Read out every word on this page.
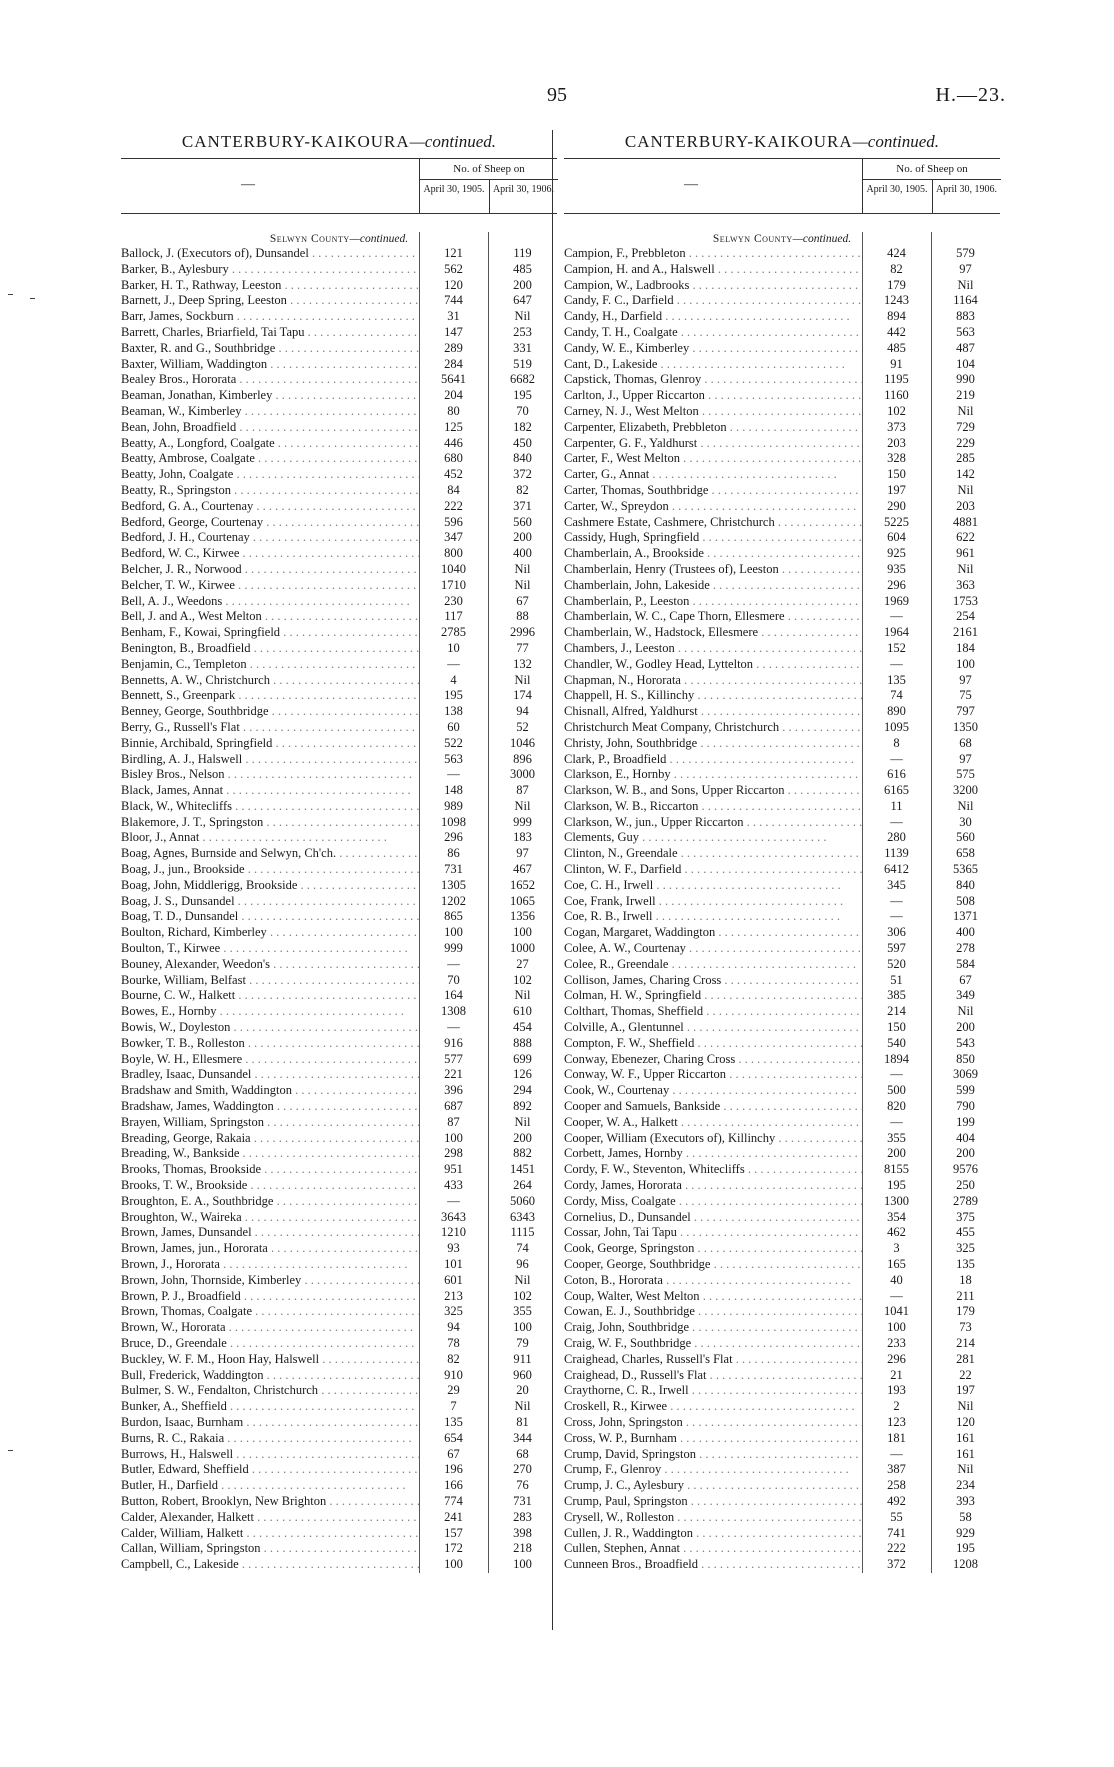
95	H.—23.
CANTERBURY-KAIKOURA—continued.
—
No. of Sheep on
April 30, 1905. April 30, 1906.
Selwyn County—continued.
Ballock, J. (Executors of), Dunsandel . . .	121	119
Barker, B., Aylesbury . . .	562	485
Barker, H. T., Rathway, Leeston . . .	120	200
Barnett, J., Deep Spring, Leeston . . .	744	647
Barr, James, Sockburn . . .	31	Nil
Barrett, Charles, Briarfield, Tai Tapu . . .	147	253
Baxter, R. and G., Southbridge . . .	289	331
Baxter, William, Waddington . . .	284	519
Bealey Bros., Hororata . . .	5641	6682
Beaman, Jonathan, Kimberley . . .	204	195
Beaman, W., Kimberley . . .	80	70
Bean, John, Broadfield . . .	125	182
Beatty, A., Longford, Coalgate . . .	446	450
Beatty, Ambrose, Coalgate . . .	680	840
Beatty, John, Coalgate . . .	452	372
Beatty, R., Springston . . .	84	82
Bedford, G. A., Courtenay . . .	222	371
Bedford, George, Courtenay . . .	596	560
Bedford, J. H., Courtenay . . .	347	200
Bedford, W. C., Kirwee . . .	800	400
Belcher, J. R., Norwood . . .	1040	Nil
Belcher, T. W., Kirwee . . .	1710	Nil
Bell, A. J., Weedons . . .	230	67
Bell, J. and A., West Melton . . .	117	88
Benham, F., Kowai, Springfield . . .	2785	2996
Benington, B., Broadfield . . .	10	77
Benjamin, C., Templeton . . .	—	132
Bennetts, A. W., Christchurch . . .	4	Nil
Bennett, S., Greenpark . . .	195	174
Benney, George, Southbridge . . .	138	94
Berry, G., Russell's Flat . . .	60	52
Binnie, Archibald, Springfield . . .	522	1046
Birdling, A. J., Halswell . . .	563	896
Bisley Bros., Nelson . . .	—	3000
Black, James, Annat . . .	148	87
Black, W., Whitecliffs . . .	989	Nil
Blakemore, J. T., Springston . . .	1098	999
Bloor, J., Annat . . .	296	183
Boag, Agnes, Burnside and Selwyn, Ch'ch. . . .	86	97
Boag, J., jun., Brookside . . .	731	467
Boag, John, Middlerigg, Brookside . . .	1305	1652
Boag, J. S., Dunsandel . . .	1202	1065
Boag, T. D., Dunsandel . . .	865	1356
Boulton, Richard, Kimberley . . .	100	100
Boulton, T., Kirwee . . .	999	1000
Bouney, Alexander, Weedon's . . .	—	27
Bourke, William, Belfast . . .	70	102
Bourne, C. W., Halkett . . .	164	Nil
Bowes, E., Hornby . . .	1308	610
Bowis, W., Doyleston . . .	—	454
Bowker, T. B., Rolleston . . .	916	888
Boyle, W. H., Ellesmere . . .	577	699
Bradley, Isaac, Dunsandel . . .	221	126
Bradshaw and Smith, Waddington . . .	396	294
Bradshaw, James, Waddington . . .	687	892
Brayen, William, Springston . . .	87	Nil
Breading, George, Rakaia . . .	100	200
Breading, W., Bankside . . .	298	882
Brooks, Thomas, Brookside . . .	951	1451
Brooks, T. W., Brookside . . .	433	264
Broughton, E. A., Southbridge . . .	—	5060
Broughton, W., Waireka . . .	3643	6343
Brown, James, Dunsandel . . .	1210	1115
Brown, James, jun., Hororata . . .	93	74
Brown, J., Hororata . . .	101	96
Brown, John, Thornside, Kimberley . . .	601	Nil
Brown, P. J., Broadfield . . .	213	102
Brown, Thomas, Coalgate . . .	325	355
Brown, W., Hororata . . .	94	100
Bruce, D., Greendale . . .	78	79
Buckley, W. F. M., Hoon Hay, Halswell . . .	82	911
Bull, Frederick, Waddington . . .	910	960
Bulmer, S. W., Fendalton, Christchurch . . .	29	20
Bunker, A., Sheffield . . .	7	Nil
Burdon, Isaac, Burnham . . .	135	81
Burns, R. C., Rakaia . . .	654	344
Burrows, H., Halswell . . .	67	68
Butler, Edward, Sheffield . . .	196	270
Butler, H., Darfield . . .	166	76
Button, Robert, Brooklyn, New Brighton . . .	774	731
Calder, Alexander, Halkett . . .	241	283
Calder, William, Halkett . . .	157	398
Callan, William, Springston . . .	172	218
Campbell, C., Lakeside . . .	100	100
CANTERBURY-KAIKOURA—continued.
—
No. of Sheep on
April 30, 1905. April 30, 1906.
Selwyn County—continued.
Campion, F., Prebbleton . . .	424	579
Campion, H. and A., Halswell . . .	82	97
Campion, W., Ladbrooks . . .	179	Nil
Candy, F. C., Darfield . . .	1243	1164
Candy, H., Darfield . . .	894	883
Candy, T. H., Coalgate . . .	442	563
Candy, W. E., Kimberley . . .	485	487
Cant, D., Lakeside . . .	91	104
Capstick, Thomas, Glenroy . . .	1195	990
Carlton, J., Upper Riccarton . . .	1160	219
Carney, N. J., West Melton . . .	102	Nil
Carpenter, Elizabeth, Prebbleton . . .	373	729
Carpenter, G. F., Yaldhurst . . .	203	229
Carter, F., West Melton . . .	328	285
Carter, G., Annat . . .	150	142
Carter, Thomas, Southbridge . . .	197	Nil
Carter, W., Spreydon . . .	290	203
Cashmere Estate, Cashmere, Christchurch . . .	5225	4881
Cassidy, Hugh, Springfield . . .	604	622
Chamberlain, A., Brookside . . .	925	961
Chamberlain, Henry (Trustees of), Leeston . . .	935	Nil
Chamberlain, John, Lakeside . . .	296	363
Chamberlain, P., Leeston . . .	1969	1753
Chamberlain, W. C., Cape Thorn, Ellesmere . . .	—	254
Chamberlain, W., Hadstock, Ellesmere . . .	1964	2161
Chambers, J., Leeston . . .	152	184
Chandler, W., Godley Head, Lyttelton . . .	—	100
Chapman, N., Hororata . . .	135	97
Chappell, H. S., Killinchy . . .	74	75
Chisnall, Alfred, Yaldhurst . . .	890	797
Christchurch Meat Company, Christchurch . . .	1095	1350
Christy, John, Southbridge . . .	8	68
Clark, P., Broadfield . . .	—	97
Clarkson, E., Hornby . . .	616	575
Clarkson, W. B., and Sons, Upper Riccarton . . .	6165	3200
Clarkson, W. B., Riccarton . . .	11	Nil
Clarkson, W., jun., Upper Riccarton . . .	—	30
Clements, Guy . . .	280	560
Clinton, N., Greendale . . .	1139	658
Clinton, W. F., Darfield . . .	6412	5365
Coe, C. H., Irwell . . .	345	840
Coe, Frank, Irwell . . .	—	508
Coe, R. B., Irwell . . .	—	1371
Cogan, Margaret, Waddington . . .	306	400
Colee, A. W., Courtenay . . .	597	278
Colee, R., Greendale . . .	520	584
Collison, James, Charing Cross . . .	51	67
Colman, H. W., Springfield . . .	385	349
Colthart, Thomas, Sheffield . . .	214	Nil
Colville, A., Glentunnel . . .	150	200
Compton, F. W., Sheffield . . .	540	543
Conway, Ebenezer, Charing Cross . . .	1894	850
Conway, W. F., Upper Riccarton . . .	—	3069
Cook, W., Courtenay . . .	500	599
Cooper and Samuels, Bankside . . .	820	790
Cooper, W. A., Halkett . . .	—	199
Cooper, William (Executors of), Killinchy . . .	355	404
Corbett, James, Hornby . . .	200	200
Cordy, F. W., Steventon, Whitecliffs . . .	8155	9576
Cordy, James, Hororata . . .	195	250
Cordy, Miss, Coalgate . . .	1300	2789
Cornelius, D., Dunsandel . . .	354	375
Cossar, John, Tai Tapu . . .	462	455
Cook, George, Springston . . .	3	325
Cooper, George, Southbridge . . .	165	135
Coton, B., Hororata . . .	40	18
Coup, Walter, West Melton . . .	—	211
Cowan, E. J., Southbridge . . .	1041	179
Craig, John, Southbridge . . .	100	73
Craig, W. F., Southbridge . . .	233	214
Craighead, Charles, Russell's Flat . . .	296	281
Craighead, D., Russell's Flat . . .	21	22
Craythorne, C. R., Irwell . . .	193	197
Croskell, R., Kirwee . . .	2	Nil
Cross, John, Springston . . .	123	120
Cross, W. P., Burnham . . .	181	161
Crump, David, Springston . . .	—	161
Crump, F., Glenroy . . .	387	Nil
Crump, J. C., Aylesbury . . .	258	234
Crump, Paul, Springston . . .	492	393
Crysell, W., Rolleston . . .	55	58
Cullen, J. R., Waddington . . .	741	929
Cullen, Stephen, Annat . . .	222	195
Cunneen Bros., Broadfield . . .	372	1208
